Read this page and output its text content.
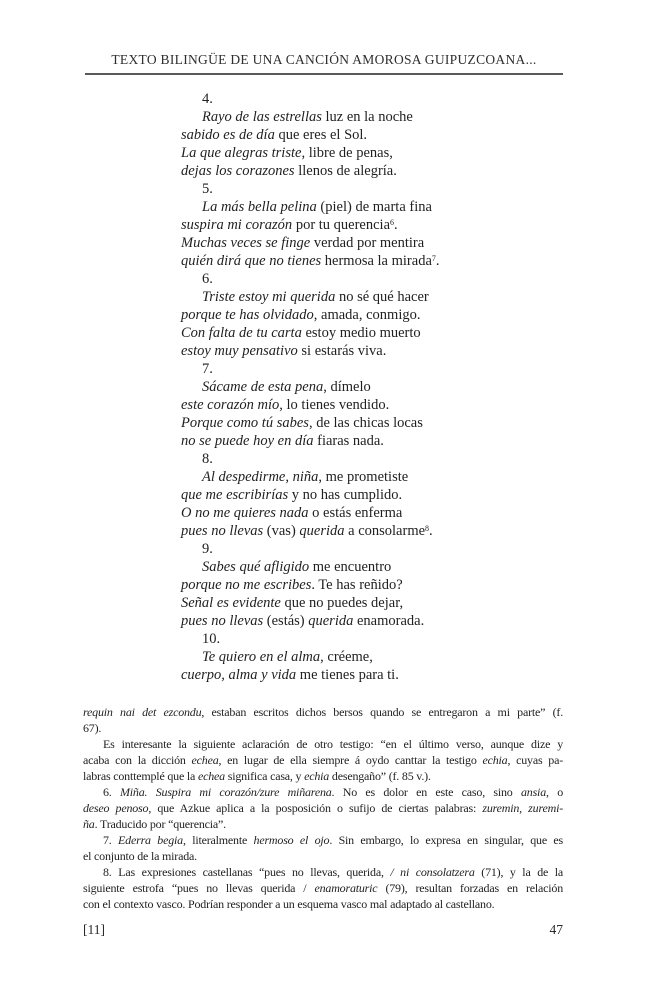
TEXTO BILINGÜE DE UNA CANCIÓN AMOROSA GUIPUZCOANA...
4.
Rayo de las estrellas luz en la noche
sabido es de día que eres el Sol.
La que alegras triste, libre de penas,
dejas los corazones llenos de alegría.
5.
La más bella pelina (piel) de marta fina
suspira mi corazón por tu querencia$^6$.
Muchas veces se finge verdad por mentira
quién dirá que no tienes hermosa la mirada$^7$.
6.
Triste estoy mi querida no sé qué hacer
porque te has olvidado, amada, conmigo.
Con falta de tu carta estoy medio muerto
estoy muy pensativo si estarás viva.
7.
Sácame de esta pena, dímelo
este corazón mío, lo tienes vendido.
Porque como tú sabes, de las chicas locas
no se puede hoy en día fiaras nada.
8.
Al despedirme, niña, me prometiste
que me escribirías y no has cumplido.
O no me quieres nada o estás enferma
pues no llevas (vas) querida a consolarme$^8$.
9.
Sabes qué afligido me encuentro
porque no me escribes. Te has reñido?
Señal es evidente que no puedes dejar,
pues no llevas (estás) querida enamorada.
10.
Te quiero en el alma, créeme,
cuerpo, alma y vida me tienes para ti.
requin nai det ezcondu, estaban escritos dichos bersos quando se entregaron a mi parte” (f.
67).
Es interesante la siguiente aclaración de otro testigo: “en el último verso, aunque dize y
acaba con la dicción echea, en lugar de ella siempre á oydo canttar la testigo echia, cuyas pa-
labras conttemplé que la echea significa casa, y echia desengaño” (f. 85 v.).
6. Miña. Suspira mi corazón/zure miñarena. No es dolor en este caso, sino ansia, o
deseo penoso, que Azkue aplica a la posposición o sufijo de ciertas palabras: zuremin, zuremi-
ña. Traducido por “querencia”.
7. Ederra begia, literalmente hermoso el ojo. Sin embargo, lo expresa en singular, que es
el conjunto de la mirada.
8. Las expresiones castellanas “pues no llevas, querida, / ni consolatzera (71), y la de la
siguiente estrofa “pues no llevas querida / enamoraturic (79), resultan forzadas en relación
con el contexto vasco. Podrían responder a un esquema vasco mal adaptado al castellano.
[11]	47
